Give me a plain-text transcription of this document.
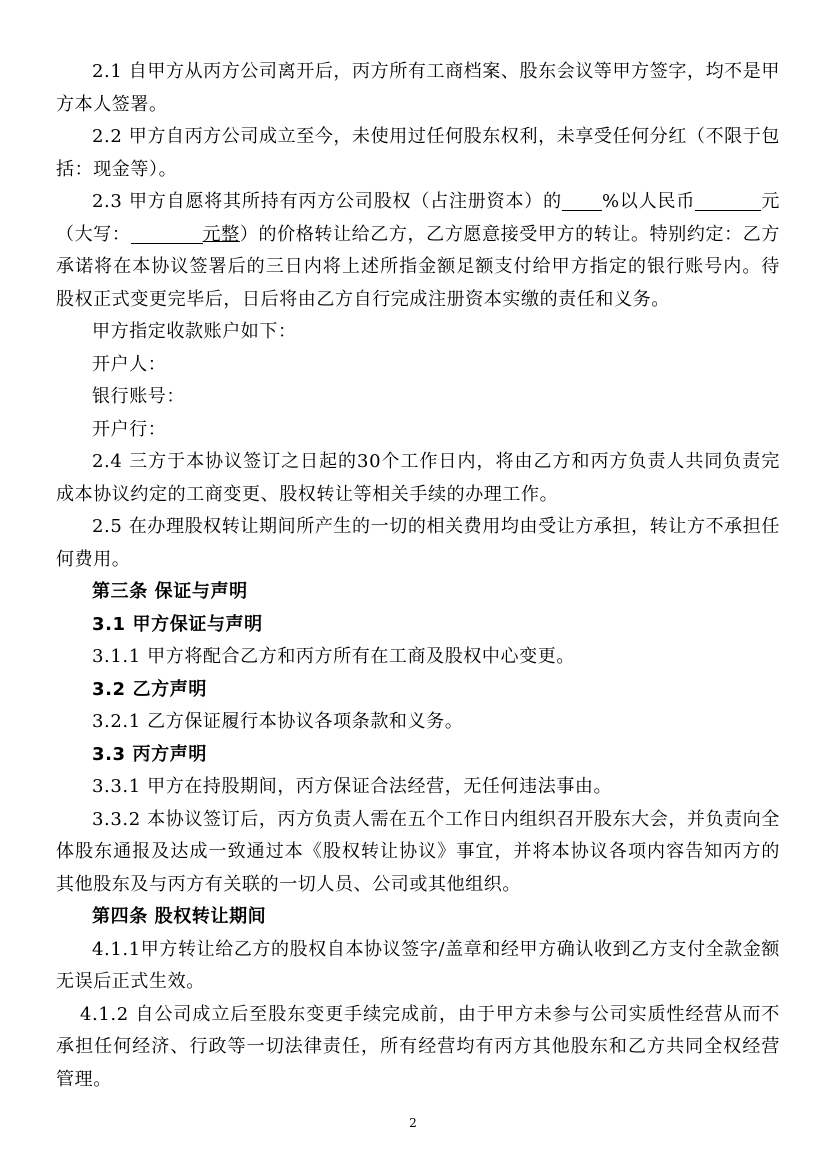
2.1 自甲方从丙方公司离开后，丙方所有工商档案、股东会议等甲方签字，均不是甲方本人签署。

2.2 甲方自丙方公司成立至今，未使用过任何股东权利，未享受任何分红（不限于包括：现金等）。

2.3 甲方自愿将其所持有丙方公司股权（占注册资本）的 %以人民币	元（大写：	元整）的价格转让给乙方，乙方愿意接受甲方的转让。特别约定：乙方承诺将在本协议签署后的三日内将上述所指金额足额支付给甲方指定的银行账号内。待股权正式变更完毕后，日后将由乙方自行完成注册资本实缴的责任和义务。

甲方指定收款账户如下：

开户人：

银行账号：

开户行：

2.4 三方于本协议签订之日起的30个工作日内，将由乙方和丙方负责人共同负责完成本协议约定的工商变更、股权转让等相关手续的办理工作。

2.5 在办理股权转让期间所产生的一切的相关费用均由受让方承担，转让方不承担任何费用。

第三条 保证与声明

3.1 甲方保证与声明

3.1.1 甲方将配合乙方和丙方所有在工商及股权中心变更。

3.2 乙方声明

3.2.1 乙方保证履行本协议各项条款和义务。

3.3 丙方声明

3.3.1 甲方在持股期间，丙方保证合法经营，无任何违法事由。

3.3.2 本协议签订后，丙方负责人需在五个工作日内组织召开股东大会，并负责向全体股东通报及达成一致通过本《股权转让协议》事宜，并将本协议各项内容告知丙方的其他股东及与丙方有关联的一切人员、公司或其他组织。

第四条 股权转让期间

4.1.1甲方转让给乙方的股权自本协议签字/盖章和经甲方确认收到乙方支付全款金额无误后正式生效。

4.1.2 自公司成立后至股东变更手续完成前，由于甲方未参与公司实质性经营从而不承担任何经济、行政等一切法律责任，所有经营均有丙方其他股东和乙方共同全权经营管理。

2
